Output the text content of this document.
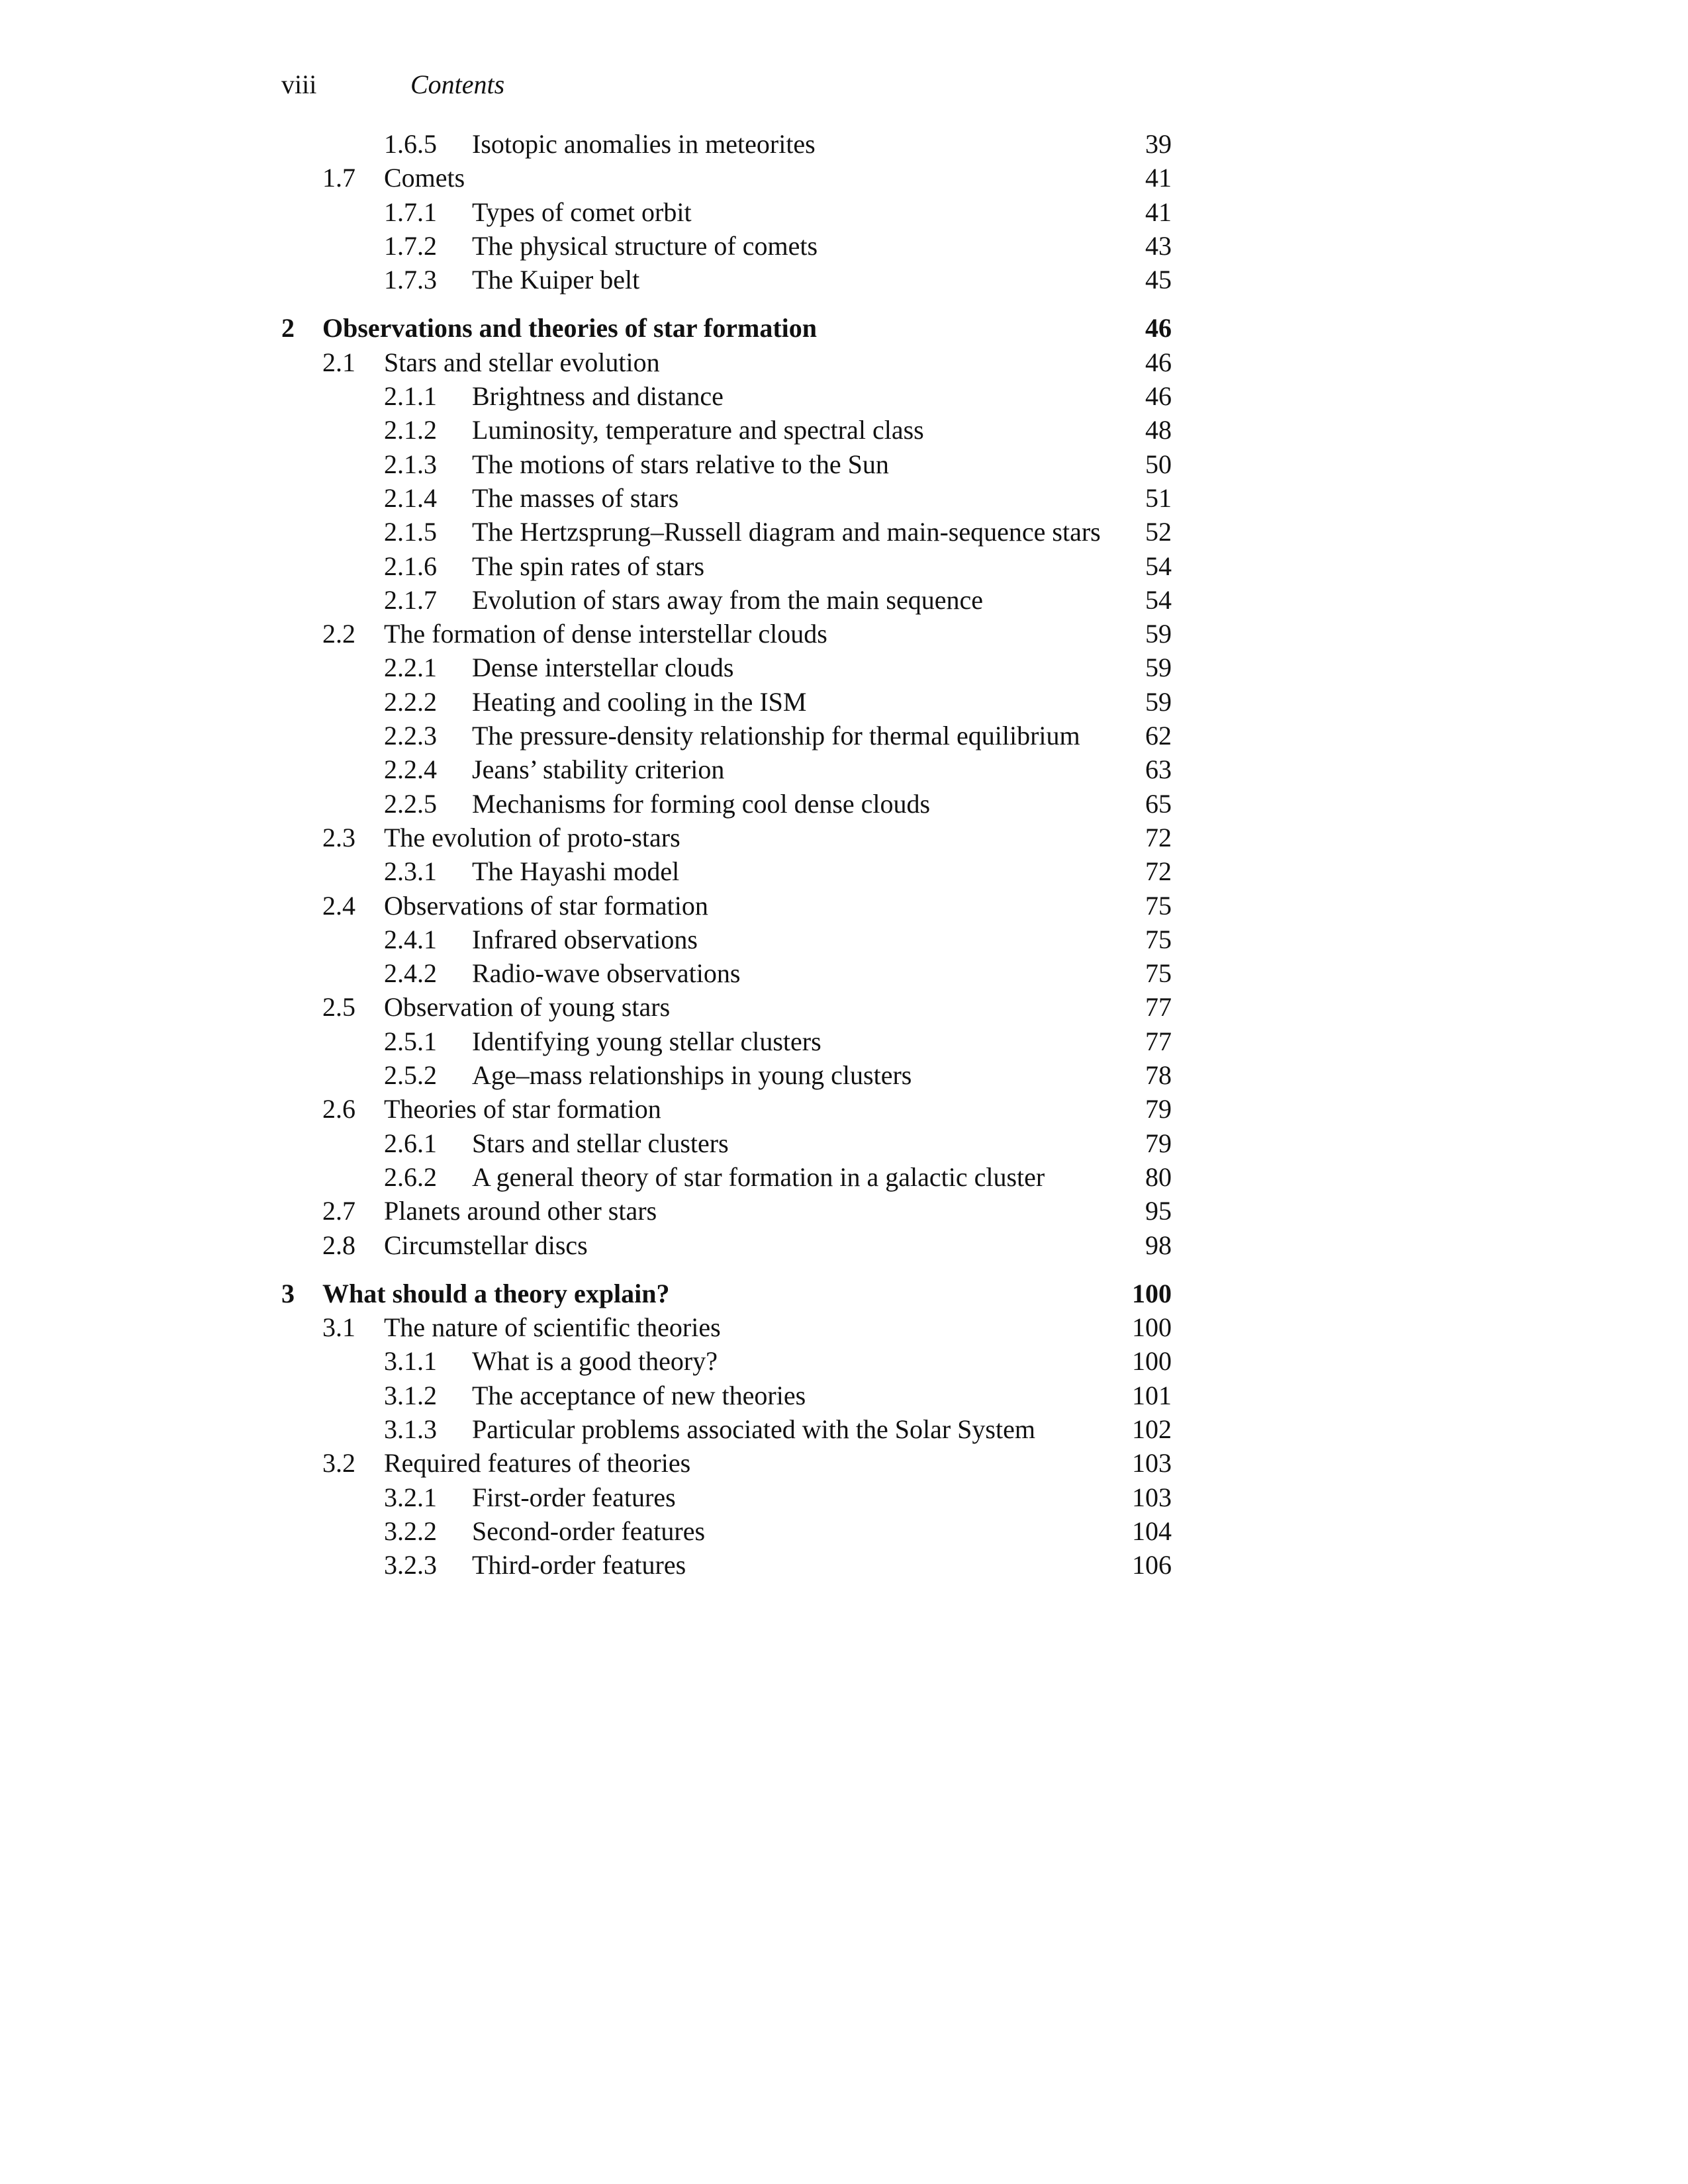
viii	Contents
1.6.5 Isotopic anomalies in meteorites	39
1.7 Comets	41
1.7.1 Types of comet orbit	41
1.7.2 The physical structure of comets	43
1.7.3 The Kuiper belt	45
2 Observations and theories of star formation	46
2.1 Stars and stellar evolution	46
2.1.1 Brightness and distance	46
2.1.2 Luminosity, temperature and spectral class	48
2.1.3 The motions of stars relative to the Sun	50
2.1.4 The masses of stars	51
2.1.5 The Hertzsprung–Russell diagram and main-sequence stars 52
2.1.6 The spin rates of stars	54
2.1.7 Evolution of stars away from the main sequence	54
2.2 The formation of dense interstellar clouds	59
2.2.1 Dense interstellar clouds	59
2.2.2 Heating and cooling in the ISM	59
2.2.3 The pressure-density relationship for thermal equilibrium 62
2.2.4 Jeans’ stability criterion	63
2.2.5 Mechanisms for forming cool dense clouds	65
2.3 The evolution of proto-stars	72
2.3.1 The Hayashi model	72
2.4 Observations of star formation	75
2.4.1 Infrared observations	75
2.4.2 Radio-wave observations	75
2.5 Observation of young stars	77
2.5.1 Identifying young stellar clusters	77
2.5.2 Age–mass relationships in young clusters	78
2.6 Theories of star formation	79
2.6.1 Stars and stellar clusters	79
2.6.2 A general theory of star formation in a galactic cluster	80
2.7 Planets around other stars	95
2.8 Circumstellar discs	98
3 What should a theory explain?	100
3.1 The nature of scientific theories	100
3.1.1 What is a good theory?	100
3.1.2 The acceptance of new theories	101
3.1.3 Particular problems associated with the Solar System	102
3.2 Required features of theories	103
3.2.1 First-order features	103
3.2.2 Second-order features	104
3.2.3 Third-order features	106
